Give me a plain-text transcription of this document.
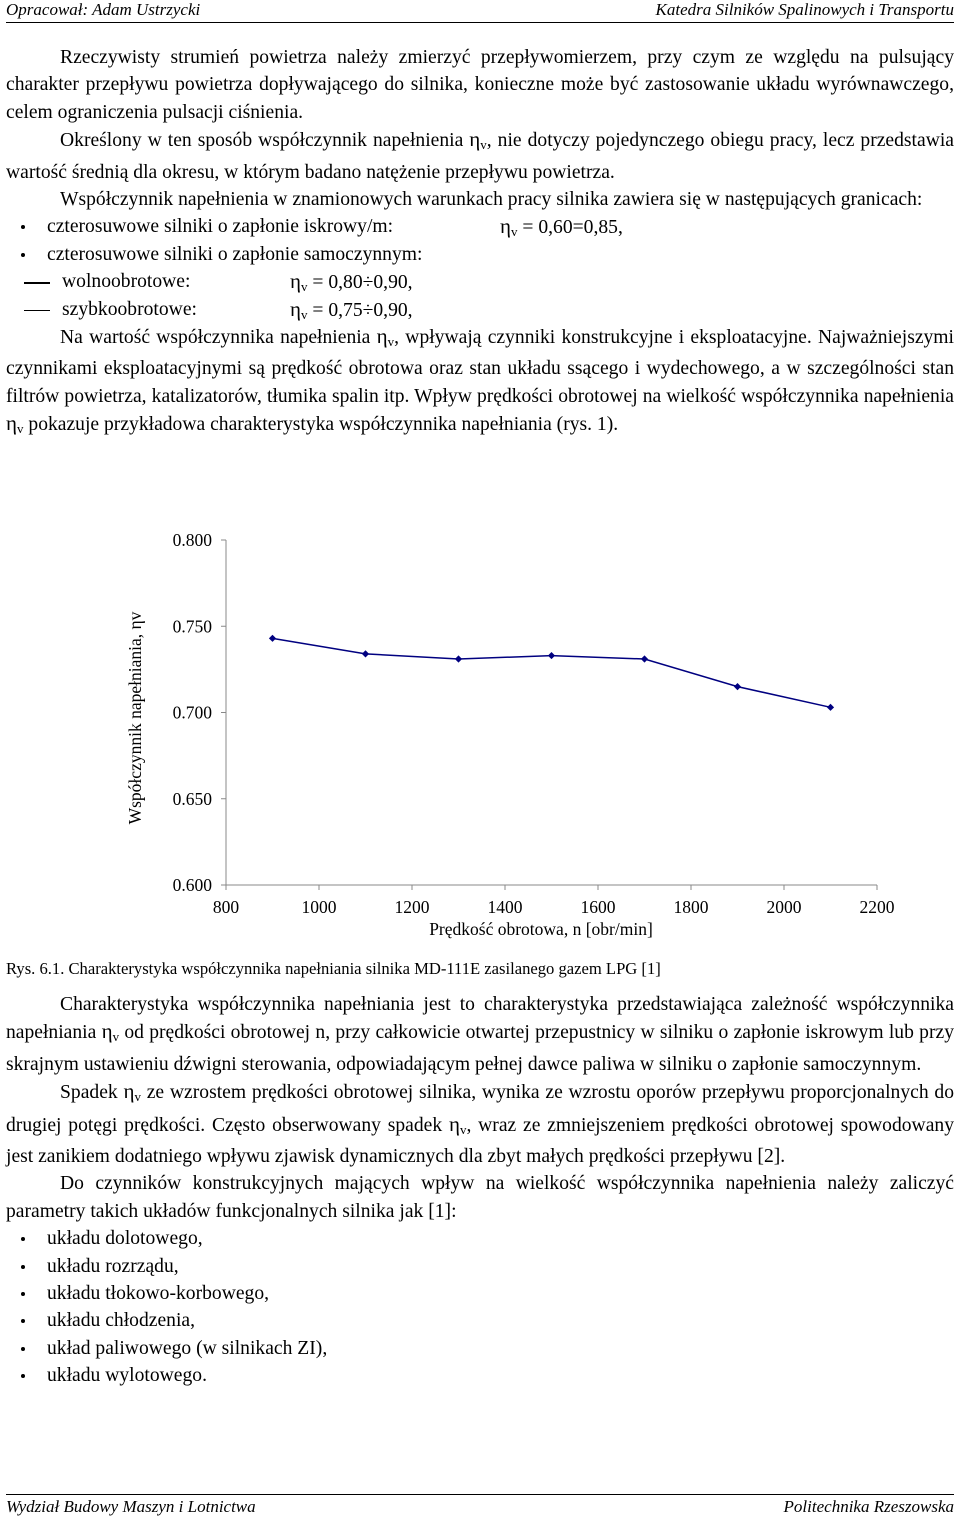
Opracował: Adam Ustrzycki	Katedra Silników Spalinowych i Transportu

Rzeczywisty strumień powietrza należy zmierzyć przepływomierzem, przy czym ze względu na pulsujący charakter przepływu powietrza dopływającego do silnika, konieczne może być zastosowanie układu wyrównawczego, celem ograniczenia pulsacji ciśnienia.

Określony w ten sposób współczynnik napełnienia $\eta_v$, nie dotyczy pojedynczego obiegu pracy, lecz przedstawia wartość średnią dla okresu, w którym badano natężenie przepływu powietrza.

Współczynnik napełnienia w znamionowych warunkach pracy silnika zawiera się w następujących granicach:

czterosuwowe silniki o zapłonie iskrowy/m:	$\eta_v = 0,60=0,85$,
czterosuwowe silniki o zapłonie samoczynnym:
wolnoobrotowe:	$\eta_v = 0,80\div 0,90$,
szybkoobrotowe:	$\eta_v = 0,75\div 0,90$,

Na wartość współczynnika napełnienia $\eta_v$, wpływają czynniki konstrukcyjne i eksploatacyjne. Najważniejszymi czynnikami eksploatacyjnymi są prędkość obrotowa oraz stan układu ssącego i wydechowego, a w szczególności stan filtrów powietrza, katalizatorów, tłumika spalin itp. Wpływ prędkości obrotowej na wielkość współczynnika napełnienia $\eta_v$ pokazuje przykładowa charakterystyka współczynnika napełniania (rys. 1).

Współczynnik napełniania, ηv
0.600
0.650
0.700
0.750
0.800
800	1000	1200	1400	1600	1800	2000	2200
Prędkość obrotowa, n [obr/min]
Rys. 6.1. Charakterystyka współczynnika napełniania silnika MD-111E zasilanego gazem LPG [1]

Charakterystyka współczynnika napełniania jest to charakterystyka przedstawiająca zależność współczynnika napełniania $\eta_v$ od prędkości obrotowej n, przy całkowicie otwartej przepustnicy w silniku o zapłonie iskrowym lub przy skrajnym ustawieniu dźwigni sterowania, odpowiadającym pełnej dawce paliwa w silniku o zapłonie samoczynnym.

Spadek $\eta_v$ ze wzrostem prędkości obrotowej silnika, wynika ze wzrostu oporów przepływu proporcjonalnych do drugiej potęgi prędkości. Często obserwowany spadek $\eta_v$, wraz ze zmniejszeniem prędkości obrotowej spowodowany jest zanikiem dodatniego wpływu zjawisk dynamicznych dla zbyt małych prędkości przepływu [2].

Do czynników konstrukcyjnych mających wpływ na wielkość współczynnika napełnienia należy zaliczyć parametry takich układów funkcjonalnych silnika jak [1]:

układu dolotowego,
układu rozrządu,
układu tłokowo-korbowego,
układu chłodzenia,
układ paliwowego (w silnikach ZI),
układu wylotowego.
Wydział Budowy Maszyn i Lotnictwa	Politechnika Rzeszowska
